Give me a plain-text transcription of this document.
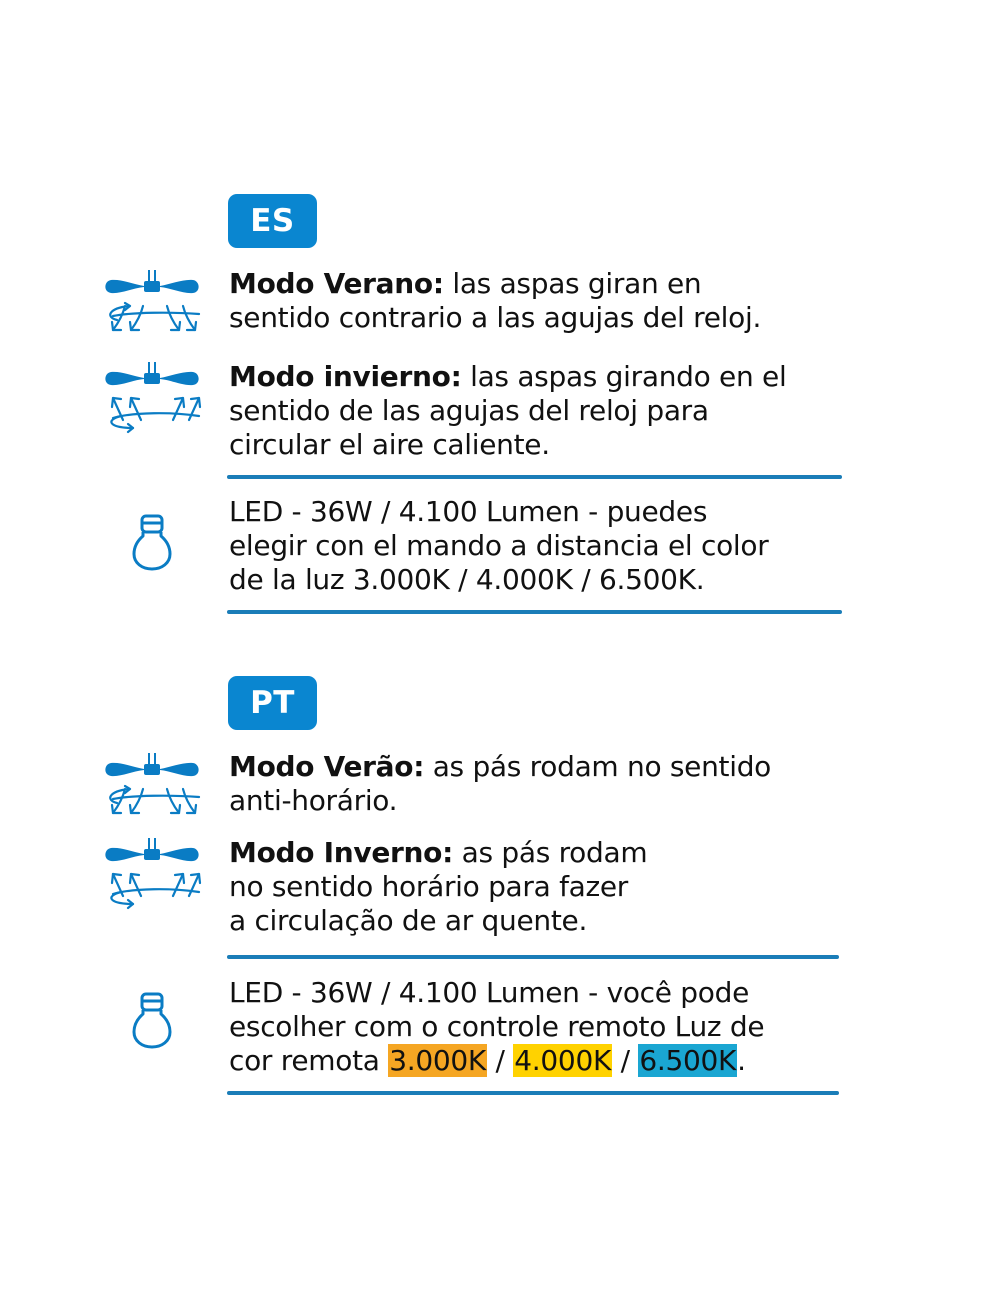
ES
Modo Verano: las aspas giran en
sentido contrario a las agujas del reloj.
Modo invierno: las aspas girando en el
sentido de las agujas del reloj para
circular el aire caliente.
LED - 36W / 4.100 Lumen - puedes
elegir con el mando a distancia el color
de la luz 3.000K / 4.000K / 6.500K.
PT
Modo Verão: as pás rodam no sentido
anti-horário.
Modo Inverno: as pás rodam
no sentido horário para fazer
a circulação de ar quente.
LED - 36W / 4.100 Lumen - você pode
escolher com o controle remoto Luz de
cor remota 3.000K / 4.000K / 6.500K.
